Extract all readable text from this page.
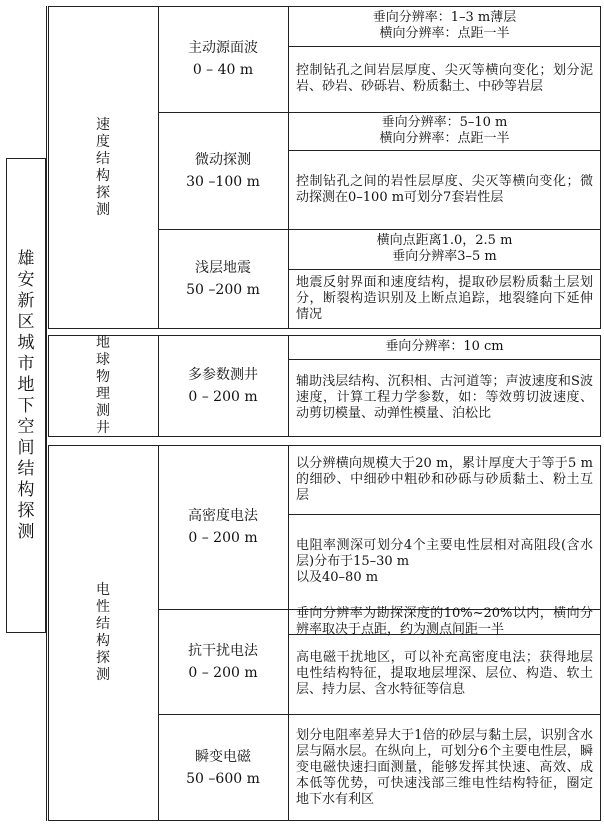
雄
安
新
区
城
市
地
下
空
间
结
构
探
测
速
度
结
构
探
测
地
球
物
理
测
井
电
性
结
构
探
测
主动源面波
0 – 40 m
垂向分辨率：1–3 m薄层
横向分辨率：点距一半
控制钻孔之间岩层厚度、尖灭等横向变化；划分泥岩、砂岩、砂砾岩、粉质黏土、中砂等岩层
微动探测
30 –100 m
垂向分辨率：5–10 m
横向分辨率：点距一半
控制钻孔之间的岩性层厚度、尖灭等横向变化；微动探测在0–100 m可划分7套岩性层
浅层地震
50 –200 m
横向点距离1.0，2.5 m
垂向分辨率3–5 m
地震反射界面和速度结构，提取砂层粉质黏土层划分，断裂构造识别及上断点追踪，地裂缝向下延伸情况
多参数测井
0 – 200 m
垂向分辨率：10 cm
辅助浅层结构、沉积相、古河道等；声波速度和S波速度，计算工程力学参数，如：等效剪切波速度、动剪切模量、动弹性模量、泊松比
高密度电法
0 – 200 m
以分辨横向规模大于20 m，累计厚度大于等于5 m的细砂、中细砂中粗砂和砂砾与砂质黏土、粉土互层
电阻率测深可划分4个主要电性层相对高阻段(含水层)分布于15–30 m
以及40–80 m
抗干扰电法
0 – 200 m
垂向分辨率为勘探深度的10%~20%以内，横向分辨率取决于点距，约为测点间距一半
高电磁干扰地区，可以补充高密度电法；获得地层电性结构特征，提取地层埋深、层位、构造、软土层、持力层、含水特征等信息
瞬变电磁
50 –600 m
划分电阻率差异大于1倍的砂层与黏土层，识别含水层与隔水层。在纵向上，可划分6个主要电性层，瞬变电磁快速扫面测量，能够发挥其快速、高效、成本低等优势，可快速浅部三维电性结构特征，圈定地下水有利区
